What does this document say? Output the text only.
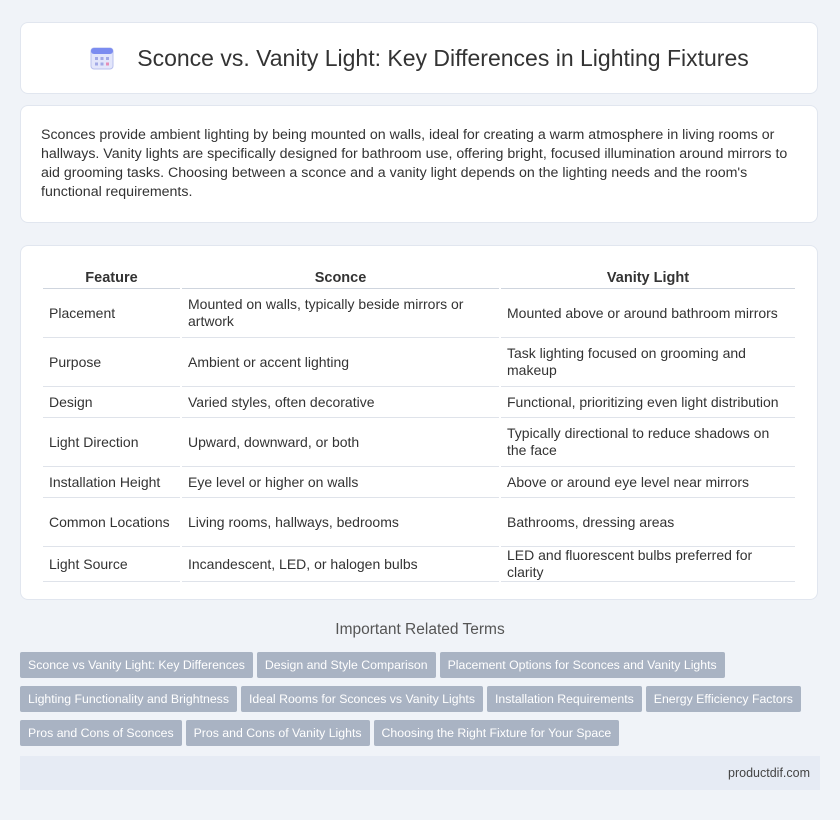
Sconce vs. Vanity Light: Key Differences in Lighting Fixtures

Sconces provide ambient lighting by being mounted on walls, ideal for creating a warm atmosphere in living rooms or hallways. Vanity lights are specifically designed for bathroom use, offering bright, focused illumination around mirrors to aid grooming tasks. Choosing between a sconce and a vanity light depends on the lighting needs and the room's functional requirements.

Feature	Sconce	Vanity Light
Placement	Mounted on walls, typically beside mirrors or artwork	Mounted above or around bathroom mirrors
Purpose	Ambient or accent lighting	Task lighting focused on grooming and makeup
Design	Varied styles, often decorative	Functional, prioritizing even light distribution
Light Direction	Upward, downward, or both	Typically directional to reduce shadows on the face
Installation Height	Eye level or higher on walls	Above or around eye level near mirrors
Common Locations	Living rooms, hallways, bedrooms	Bathrooms, dressing areas
Light Source	Incandescent, LED, or halogen bulbs	LED and fluorescent bulbs preferred for clarity
Important Related Terms
Sconce vs Vanity Light: Key Differences Design and Style Comparison Placement Options for Sconces and Vanity LightsLighting Functionality and Brightness Ideal Rooms for Sconces vs Vanity Lights Installation Requirements Energy Efficiency FactorsPros and Cons of Sconces Pros and Cons of Vanity Lights Choosing the Right Fixture for Your Space
productdif.com
